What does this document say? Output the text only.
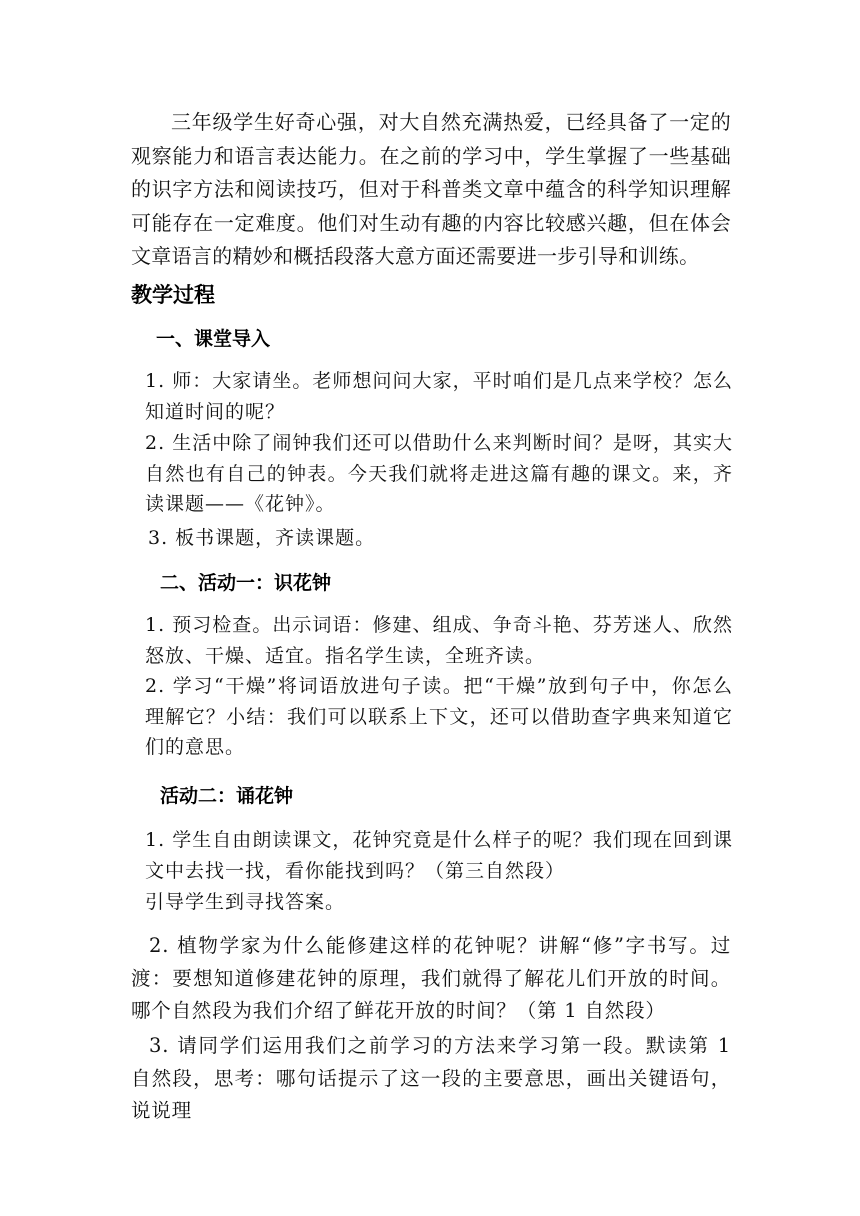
三年级学生好奇心强，对大自然充满热爱，已经具备了一定的观察能力和语言表达能力。在之前的学习中，学生掌握了一些基础的识字方法和阅读技巧，但对于科普类文章中蕴含的科学知识理解可能存在一定难度。他们对生动有趣的内容比较感兴趣，但在体会文章语言的精妙和概括段落大意方面还需要进一步引导和训练。

教学过程
一、课堂导入

1. 师：大家请坐。老师想问问大家，平时咱们是几点来学校？怎么知道时间的呢？

2. 生活中除了闹钟我们还可以借助什么来判断时间？是呀，其实大自然也有自己的钟表。今天我们就将走进这篇有趣的课文。来，齐读课题——《花钟》。

3. 板书课题，齐读课题。

二、活动一：识花钟

1. 预习检查。出示词语：修建、组成、争奇斗艳、芬芳迷人、欣然怒放、干燥、适宜。指名学生读，全班齐读。

2. 学习“干燥”将词语放进句子读。把“干燥”放到句子中，你怎么理解它？小结：我们可以联系上下文，还可以借助查字典来知道它们的意思。

活动二：诵花钟

1. 学生自由朗读课文，花钟究竟是什么样子的呢？我们现在回到课文中去找一找，看你能找到吗？（第三自然段）

引导学生到寻找答案。

2. 植物学家为什么能修建这样的花钟呢？讲解“修”字书写。过渡：要想知道修建花钟的原理，我们就得了解花儿们开放的时间。哪个自然段为我们介绍了鲜花开放的时间？（第 1 自然段）

3. 请同学们运用我们之前学习的方法来学习第一段。默读第 1 自然段，思考：哪句话提示了这一段的主要意思，画出关键语句，说说理
